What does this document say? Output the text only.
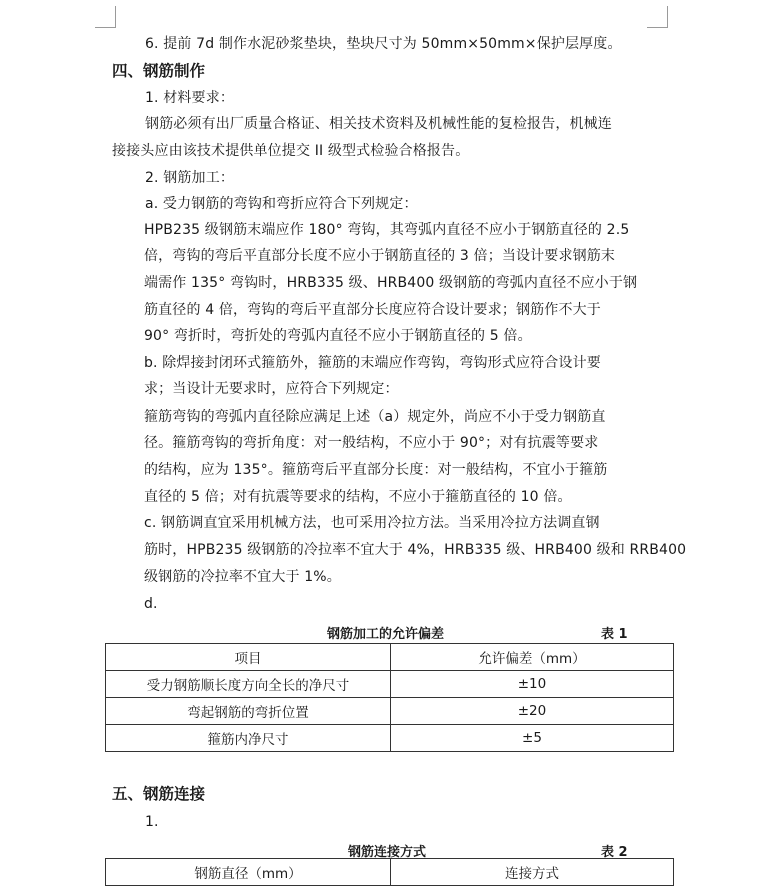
6. 提前 7d 制作水泥砂浆垫块，垫块尺寸为 50mm×50mm×保护层厚度。
四、钢筋制作
1. 材料要求：
钢筋必须有出厂质量合格证、相关技术资料及机械性能的复检报告，机械连
接接头应由该技术提供单位提交 II 级型式检验合格报告。
2. 钢筋加工：
a. 受力钢筋的弯钩和弯折应符合下列规定：
HPB235 级钢筋末端应作 180° 弯钩，其弯弧内直径不应小于钢筋直径的 2.5
倍，弯钩的弯后平直部分长度不应小于钢筋直径的 3 倍；当设计要求钢筋末
端需作 135° 弯钩时，HRB335 级、HRB400 级钢筋的弯弧内直径不应小于钢
筋直径的 4 倍，弯钩的弯后平直部分长度应符合设计要求；钢筋作不大于
90° 弯折时，弯折处的弯弧内直径不应小于钢筋直径的 5 倍。
b. 除焊接封闭环式箍筋外，箍筋的末端应作弯钩，弯钩形式应符合设计要
求；当设计无要求时，应符合下列规定：
箍筋弯钩的弯弧内直径除应满足上述（a）规定外，尚应不小于受力钢筋直
径。箍筋弯钩的弯折角度：对一般结构，不应小于 90°；对有抗震等要求
的结构，应为 135°。箍筋弯后平直部分长度：对一般结构，不宜小于箍筋
直径的 5 倍；对有抗震等要求的结构，不应小于箍筋直径的 10 倍。
c. 钢筋调直宜采用机械方法，也可采用冷拉方法。当采用冷拉方法调直钢
筋时，HPB235 级钢筋的冷拉率不宜大于 4%，HRB335 级、HRB400 级和 RRB400
级钢筋的冷拉率不宜大于 1%。
d.
钢筋加工的允许偏差	表 1
项目	允许偏差（mm）
受力钢筋顺长度方向全长的净尺寸	±10
弯起钢筋的弯折位置	±20
箍筋内净尺寸	±5
五、钢筋连接
1.
钢筋连接方式	表 2
钢筋直径（mm）	连接方式
